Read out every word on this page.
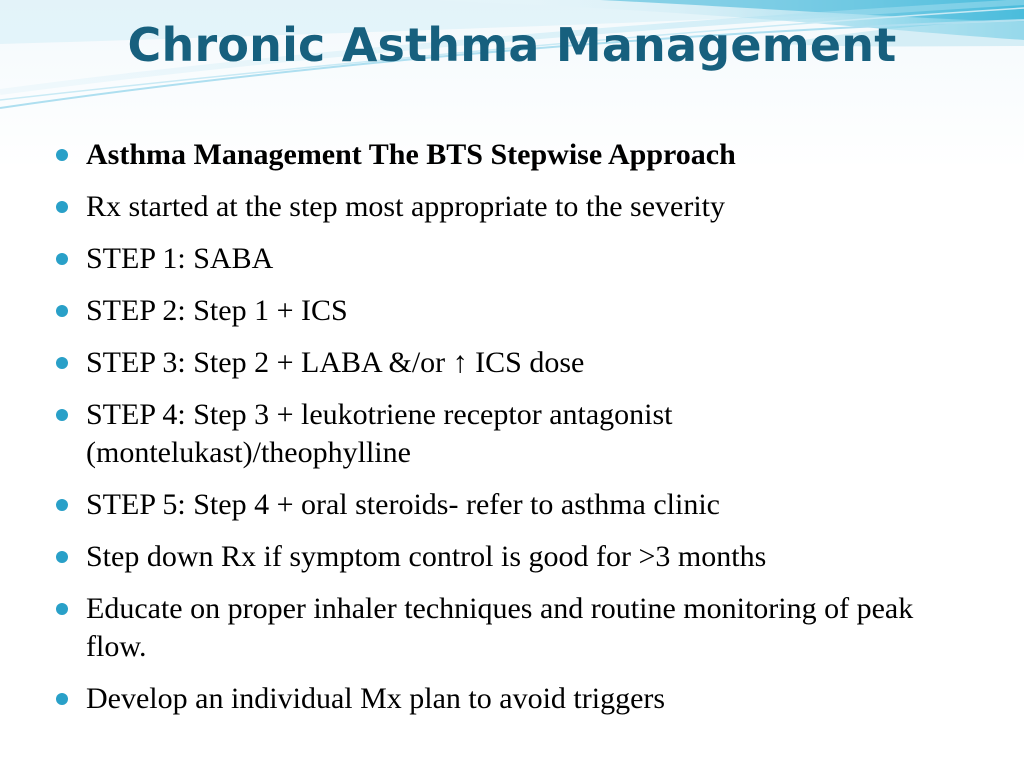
Chronic Asthma Management
Asthma Management The BTS Stepwise Approach
Rx started at the step most appropriate to the severity
STEP 1: SABA
STEP 2: Step 1 + ICS
STEP 3: Step 2 + LABA &/or ↑ ICS dose
STEP 4: Step 3 + leukotriene receptor antagonist (montelukast)/theophylline
STEP 5: Step 4 + oral steroids- refer to asthma clinic
Step down Rx if symptom control is good for >3 months
Educate on proper inhaler techniques and routine monitoring of peak flow.
Develop an individual Mx plan to avoid triggers
